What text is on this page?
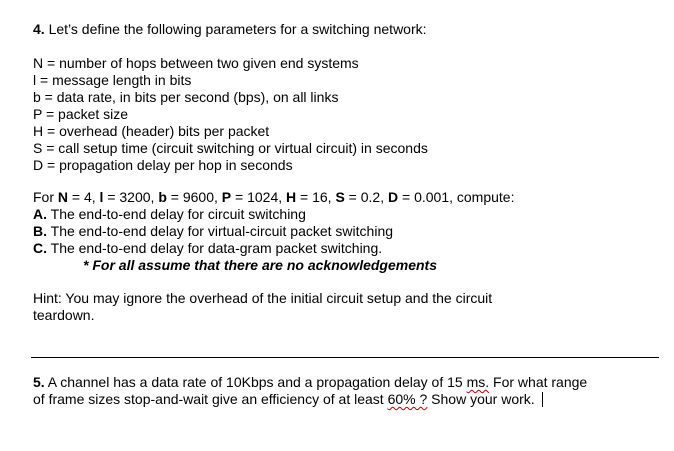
4. Let’s define the following parameters for a switching network:
N = number of hops between two given end systems
l = message length in bits
b = data rate, in bits per second (bps), on all links
P = packet size
H = overhead (header) bits per packet
S = call setup time (circuit switching or virtual circuit) in seconds
D = propagation delay per hop in seconds
For N = 4, l = 3200, b = 9600, P = 1024, H = 16, S = 0.2, D = 0.001, compute:
A. The end-to-end delay for circuit switching
B. The end-to-end delay for virtual-circuit packet switching
C. The end-to-end delay for data-gram packet switching.
* For all assume that there are no acknowledgements
Hint: You may ignore the overhead of the initial circuit setup and the circuit teardown.
5. A channel has a data rate of 10Kbps and a propagation delay of 15 ms. For what range of frame sizes stop-and-wait give an efficiency of at least 60% ? Show your work.
